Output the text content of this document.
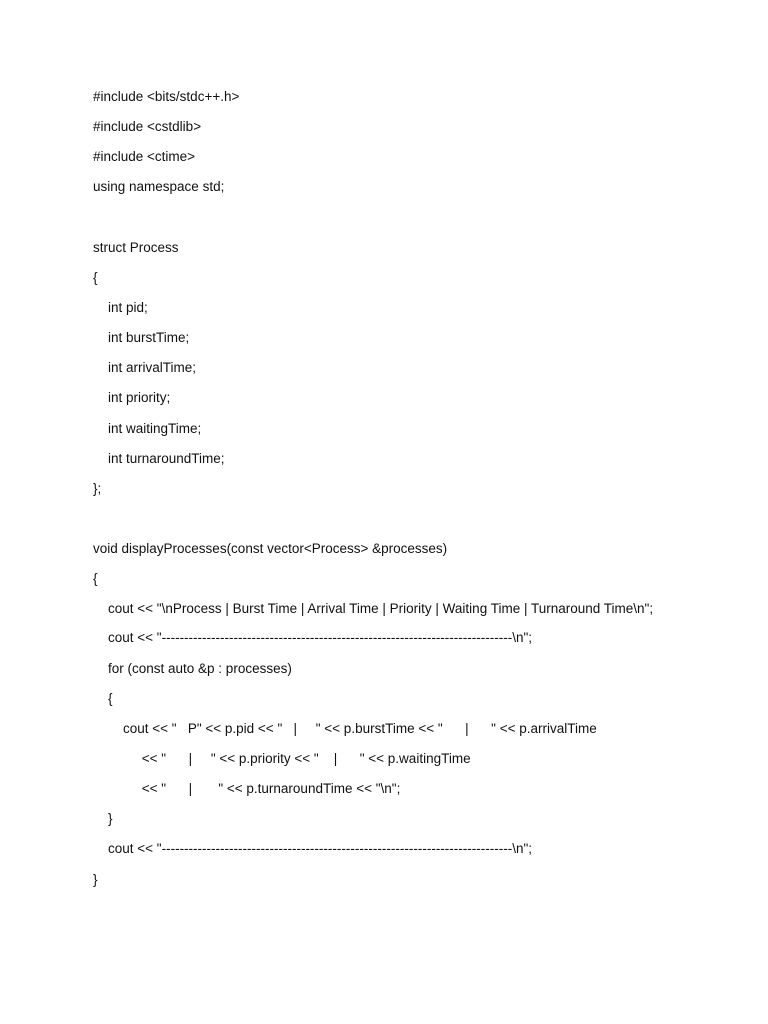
#include <bits/stdc++.h>
#include <cstdlib>
#include <ctime>
using namespace std;
struct Process
{
int pid;
int burstTime;
int arrivalTime;
int priority;
int waitingTime;
int turnaroundTime;
};
void displayProcesses(const vector<Process> &processes)
{
cout << "\nProcess | Burst Time | Arrival Time | Priority | Waiting Time | Turnaround Time\n";
cout << "------------------------------------------------------------------------------\n";
for (const auto &p : processes)
{
cout << "   P" << p.pid << "   |     " << p.burstTime << "      |      " << p.arrivalTime
<< "      |     " << p.priority << "    |      " << p.waitingTime
<< "      |       " << p.turnaroundTime << "\n";
}
cout << "------------------------------------------------------------------------------\n";
}
